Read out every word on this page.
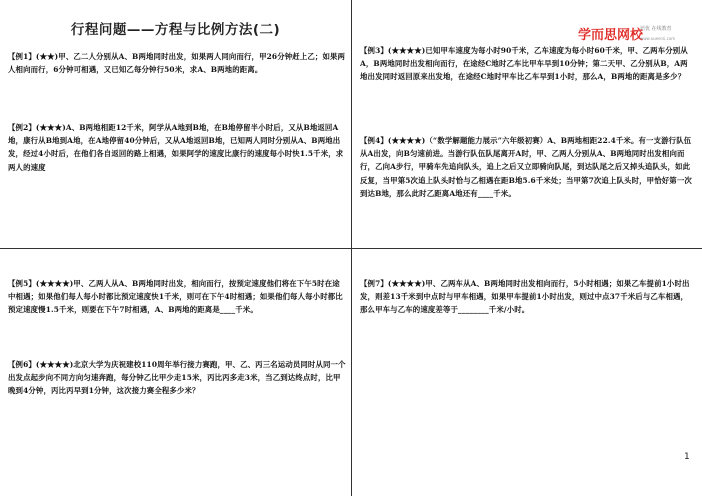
行程问题——方程与比例方法(二)	学而思网校
培优 在线教育
www.xueersi.com
【例1】(★★)甲、乙二人分别从A、B两地同时出发，如果两人同向而行，甲26分钟赶上乙；如果两人相向而行，6分钟可相遇，又已知乙每分钟行50米，求A、B两地的距离。
【例2】(★★★)A、B两地相距12千米，阿学从A地到B地，在B地停留半小时后，又从B地返回A地，康行从B地到A地，在A地停留40分钟后，又从A地返回B地，已知两人同时分别从A、B两地出发，经过4小时后，在他们各自返回的路上相遇，如果阿学的速度比康行的速度每小时快1.5千米，求两人的速度
【例3】(★★★★)已知甲车速度为每小时90千米，乙车速度为每小时60千米，甲、乙两车分别从A，B两地同时出发相向而行，在途经C地时乙车比甲车早到10分钟；第二天甲、乙分别从B，A两地出发同时返回原来出发地，在途经C地时甲车比乙车早到1小时，那么A，B两地的距离是多少？
【例4】(★★★★)（“数学解题能力展示”六年级初赛）A、B两地相距22.4千米。有一支游行队伍从A出发，向B匀速前进。当游行队伍队尾离开A时，甲、乙两人分别从A、B两地同时出发相向而行，乙向A步行，甲骑车先追向队头，追上之后又立即骑向队尾，到达队尾之后又掉头追队头，如此反复，当甲第5次追上队头时恰与乙相遇在距B地5.6千米处；当甲第7次追上队头时，甲恰好第一次到达B地，那么此时乙距离A地还有____千米。
【例5】(★★★★)甲、乙两人从A、B两地同时出发，相向而行，按预定速度他们将在下午5时在途中相遇；如果他们每人每小时都比预定速度快1千米，则可在下午4时相遇；如果他们每人每小时都比预定速度慢1.5千米，则要在下午7时相遇，A、B两地的距离是____千米。
【例6】(★★★★)北京大学为庆祝建校110周年举行接力赛跑，甲、乙、丙三名运动员同时从同一个出发点起步向不同方向匀速奔跑，每分钟乙比甲少走15米，丙比丙多走3米，当乙到达终点时，比甲晚到4分钟，丙比丙早到1分钟，这次接力赛全程多少米？
【例7】(★★★★)甲、乙两车从A、B两地同时出发相向而行，5小时相遇；如果乙车提前1小时出发，则差13千米到中点时与甲车相遇，如果甲车提前1小时出发，则过中点37千米后与乙车相遇，那么甲车与乙车的速度差等于________千米/小时。
1
